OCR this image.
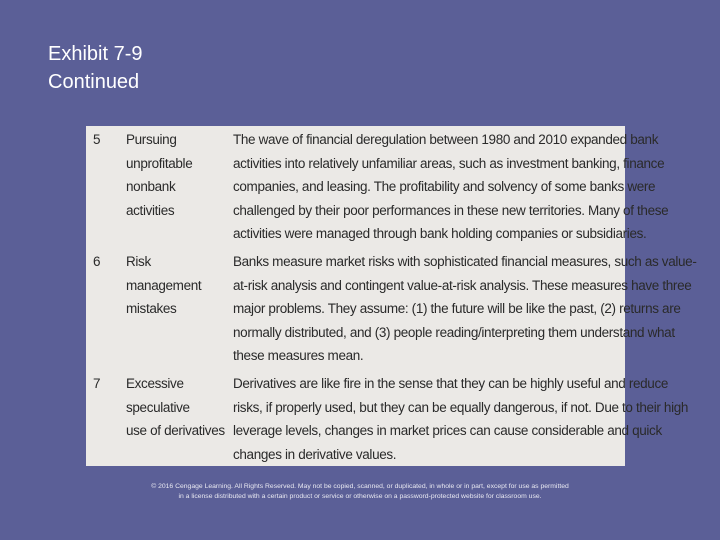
Exhibit 7-9
Continued
5 Pursuing
unprofitable
nonbank
activities
The wave of financial deregulation between 1980 and 2010 expanded bank
activities into relatively unfamiliar areas, such as investment banking, finance
companies, and leasing. The profitability and solvency of some banks were
challenged by their poor performances in these new territories. Many of these
activities were managed through bank holding companies or subsidiaries.
6 Risk
management
mistakes
Banks measure market risks with sophisticated financial measures, such as value-
at-risk analysis and contingent value-at-risk analysis. These measures have three
major problems. They assume: (1) the future will be like the past, (2) returns are
normally distributed, and (3) people reading/interpreting them understand what
these measures mean.
7 Excessive
speculative
use of derivatives
Derivatives are like fire in the sense that they can be highly useful and reduce
risks, if properly used, but they can be equally dangerous, if not. Due to their high
leverage levels, changes in market prices can cause considerable and quick
changes in derivative values.
© 2016 Cengage Learning. All Rights Reserved. May not be copied, scanned, or duplicated, in whole or in part, except for use as permitted
in a license distributed with a certain product or service or otherwise on a password-protected website for classroom use.
